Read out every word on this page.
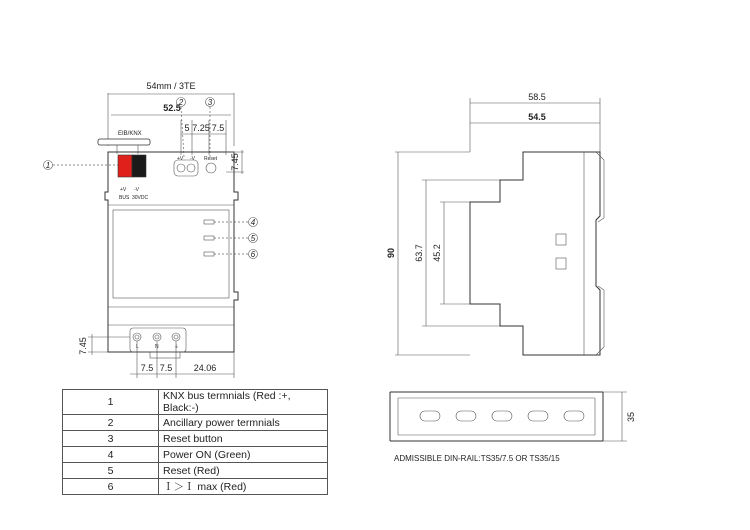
54mm / 3TE
52.5
5 7.25 7.5
2	3
EIB/KNX
+V -V
BUS 30VDC
+V -V Reset 7.45
1
4
5
6
L	N	⏚
7.45
7.5 7.5 24.06
58.5
54.5
90 63.7 45.2
35
ADMISSIBLE DIN-RAIL:TS35/7.5 OR TS35/15
1	KNX bus termnials (Red :+, Black:-)
2	Ancillary power termnials
3	Reset button
4	Power ON (Green)
5	Reset (Red)
6	Ｉ＞Ｉ max (Red)
